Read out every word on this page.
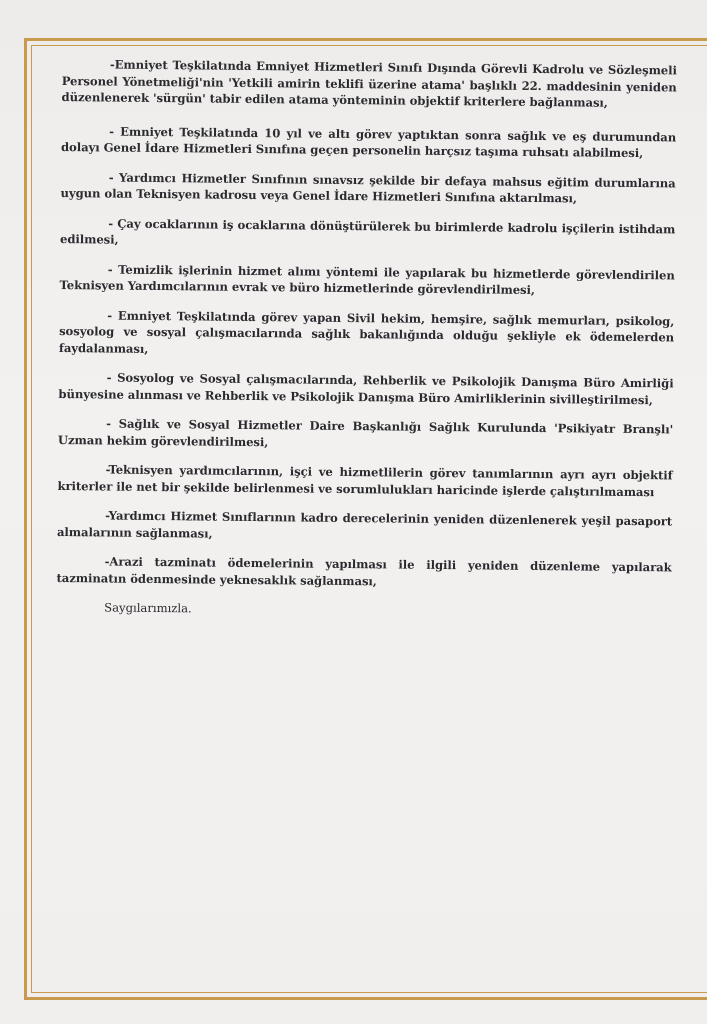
-Emniyet Teşkilatında Emniyet Hizmetleri Sınıfı Dışında Görevli Kadrolu ve Sözleşmeli Personel Yönetmeliği'nin 'Yetkili amirin teklifi üzerine atama' başlıklı 22. maddesinin yeniden düzenlenerek 'sürgün' tabir edilen atama yönteminin objektif kriterlere bağlanması,

- Emniyet Teşkilatında 10 yıl ve altı görev yaptıktan sonra sağlık ve eş durumundan dolayı Genel İdare Hizmetleri Sınıfına geçen personelin harçsız taşıma ruhsatı alabilmesi,

- Yardımcı Hizmetler Sınıfının sınavsız şekilde bir defaya mahsus eğitim durumlarına uygun olan Teknisyen kadrosu veya Genel İdare Hizmetleri Sınıfına aktarılması,

- Çay ocaklarının iş ocaklarına dönüştürülerek bu birimlerde kadrolu işçilerin istihdam edilmesi,

- Temizlik işlerinin hizmet alımı yöntemi ile yapılarak bu hizmetlerde görevlendirilen Teknisyen Yardımcılarının evrak ve büro hizmetlerinde görevlendirilmesi,

- Emniyet Teşkilatında görev yapan Sivil hekim, hemşire, sağlık memurları, psikolog, sosyolog ve sosyal çalışmacılarında sağlık bakanlığında olduğu şekliyle ek ödemelerden faydalanması,

- Sosyolog ve Sosyal çalışmacılarında, Rehberlik ve Psikolojik Danışma Büro Amirliği bünyesine alınması ve Rehberlik ve Psikolojik Danışma Büro Amirliklerinin sivilleştirilmesi,

- Sağlık ve Sosyal Hizmetler Daire Başkanlığı Sağlık Kurulunda 'Psikiyatr Branşlı' Uzman hekim görevlendirilmesi,

-Teknisyen yardımcılarının, işçi ve hizmetlilerin görev tanımlarının ayrı ayrı objektif kriterler ile net bir şekilde belirlenmesi ve sorumlulukları haricinde işlerde çalıştırılmaması

-Yardımcı Hizmet Sınıflarının kadro derecelerinin yeniden düzenlenerek yeşil pasaport almalarının sağlanması,

-Arazi tazminatı ödemelerinin yapılması ile ilgili yeniden düzenleme yapılarak tazminatın ödenmesinde yeknesaklık sağlanması,

Saygılarımızla.
